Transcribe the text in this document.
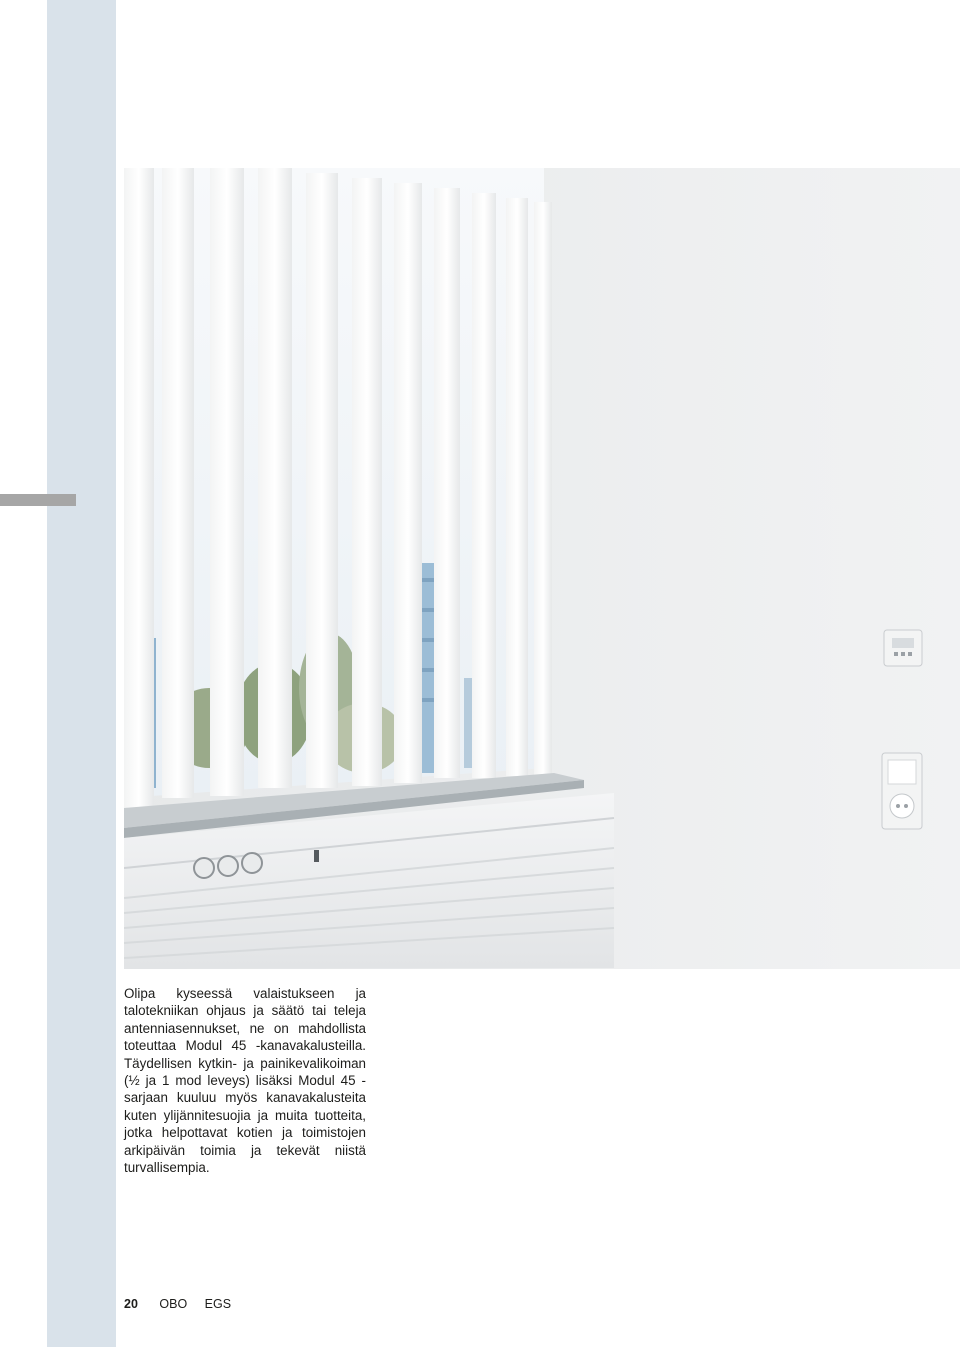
Olipa kyseessä valaistukseen ja talotekniikan ohjaus ja säätö tai teleja antenniasennukset, ne on mahdollista toteuttaa Modul 45 -kanavakalusteilla. Täydellisen kytkin- ja painikevalikoiman (½ ja 1 mod leveys) lisäksi Modul 45 -sarjaan kuuluu myös kanavakalusteita kuten ylijännitesuojia ja muita tuotteita, jotka helpottavat kotien ja toimistojen arkipäivän toimia ja tekevät niistä turvallisempia.

20 OBO EGS
